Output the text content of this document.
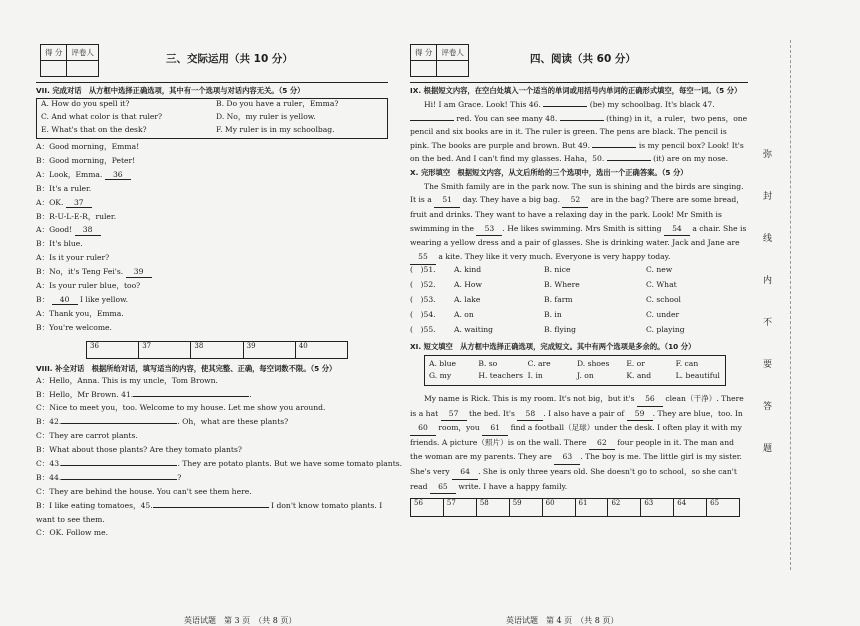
得 分	评卷人

三、交际运用（共 10 分）
VII. 完成对话　从方框中选择正确选项，其中有一个选项与对话内容无关。（5 分）
A. How do you spell it?	B. Do you have a ruler，Emma?
C. And what color is that ruler?	D. No，my ruler is yellow.
E. What's that on the desk?	F. My ruler is in my schoolbag.
A：Good morning，Emma!
B：Good morning，Peter!
A：Look，Emma. 36
B：It's a ruler.
A：OK. 37
B：R-U-L-E-R，ruler.
A：Good! 38
B：It's blue.
A：Is it your ruler?
B：No，it's Teng Fei's. 39
A：Is your ruler blue，too?
B： 40 I like yellow.
A：Thank you，Emma.
B：You're welcome.
36	37	38	39	40
VIII. 补全对话　根据所给对话，填写适当的内容，使其完整、正确，每空词数不限。（5 分）
A：Hello，Anna. This is my uncle，Tom Brown.
B：Hello，Mr Brown. 41.	.
C：Nice to meet you，too. Welcome to my house. Let me show you around.
B：42.	. Oh，what are these plants?
C：They are carrot plants.
B：What about those plants? Are they tomato plants?
C：43.	. They are potato plants. But we have some tomato plants.
B：44.	?
C：They are behind the house. You can't see them here.
B：I like eating tomatoes，45.	I don't know tomato plants. I
want to see them.
C：OK. Follow me.
英语试题　第 3 页　（共 8 页）
得 分	评卷人

四、阅读（共 60 分）
IX. 根据短文内容，在空白处填入一个适当的单词或用括号内单词的正确形式填空，每空一词。（5 分）

Hi! I am Grace. Look! This 46.	(be) my schoolbag. It's black 47.  red. You can see many 48.	(thing) in it，a ruler，two pens，one pencil and six books are in it. The ruler is green. The pens are black. The pencil is pink. The books are purple and brown. But 49.	is my pencil box? Look! It's on the bed. And I can't find my glasses. Haha，50.	(it) are on my nose.

X. 完形填空　根据短文内容，从文后所给的三个选项中，选出一个正确答案。（5 分）

The Smith family are in the park now. The sun is shining and the birds are singing. It is a 51 day. They have a big bag. 52 are in the bag? There are some bread，fruit and drinks. They want to have a relaxing day in the park. Look! Mr Smith is swimming in the 53 . He likes swimming. Mrs Smith is sitting 54 a chair. She is wearing a yellow dress and a pair of glasses. She is drinking water. Jack and Jane are 55 a kite. They like it very much. Everyone is very happy today.

(　)51.	A. kind	B. nice	C. new
(　)52.	A. How	B. Where	C. What
(　)53.	A. lake	B. farm	C. school
(　)54.	A. on	B. in	C. under
(　)55.	A. waiting	B. flying	C. playing
XI. 短文填空　从方框中选择正确选项，完成短文。其中有两个选项是多余的。（10 分）
A. blue	B. so	C. are	D. shoes	E. or	F. can
G. my	H. teachers I. in	J. on	K. and	L. beautiful

My name is Rick. This is my room. It's not big，but it's 56 clean（干净）. There is a hat 57 the bed. It's 58 . I also have a pair of 59 . They are blue，too. In 60 room，you 61 find a football（足球）under the desk. I often play it with my friends. A picture（照片）is on the wall. There 62 four people in it. The man and the woman are my parents. They are 63 . The boy is me. The little girl is my sister. She's very 64 . She is only three years old. She doesn't go to school，so she can't read 65 write. I have a happy family.

56	57	58	59	60	61	62	63	64	65
英语试题　第 4 页　（共 8 页）
弥
封
线
内
不
要
答
题
